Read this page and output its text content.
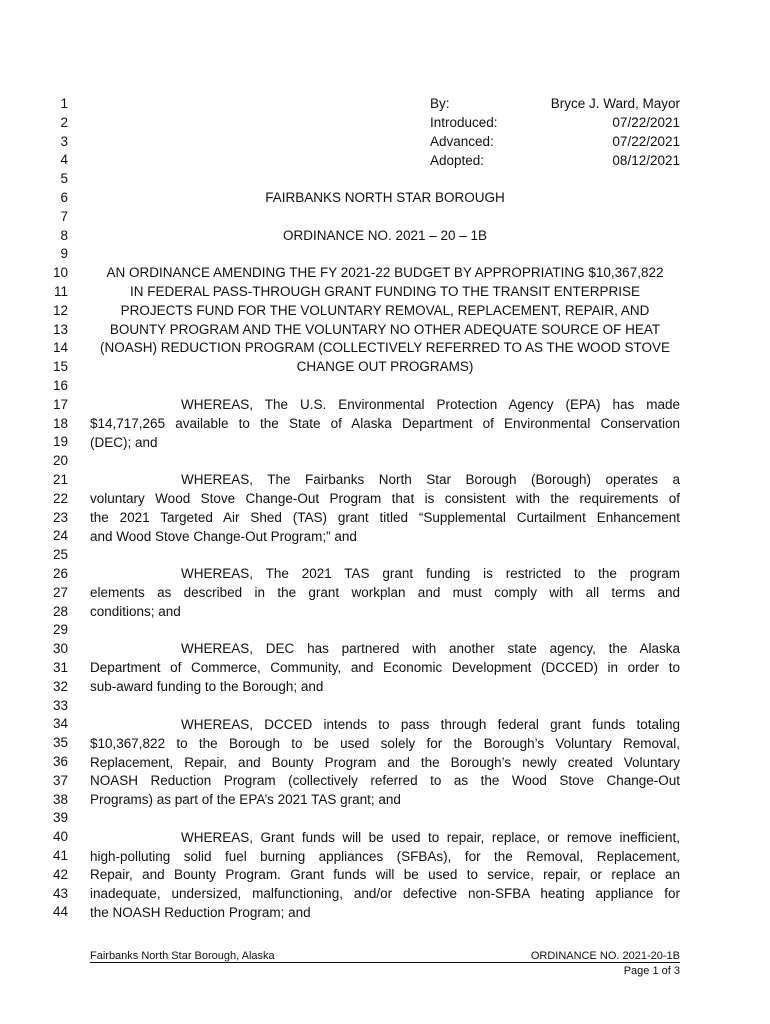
1
2
3
4
5
6
7
8
9
10
11
12
13
14
15
16
17
18
19
20
21
22
23
24
25
26
27
28
29
30
31
32
33
34
35
36
37
38
39
40
41
42
43
44
By:	Bryce J. Ward, Mayor
Introduced:	07/22/2021
Advanced:	07/22/2021
Adopted:	08/12/2021
FAIRBANKS NORTH STAR BOROUGH
ORDINANCE NO. 2021 – 20 – 1B
AN ORDINANCE AMENDING THE FY 2021-22 BUDGET BY APPROPRIATING $10,367,822
IN FEDERAL PASS-THROUGH GRANT FUNDING TO THE TRANSIT ENTERPRISE
PROJECTS FUND FOR THE VOLUNTARY REMOVAL, REPLACEMENT, REPAIR, AND
BOUNTY PROGRAM AND THE VOLUNTARY NO OTHER ADEQUATE SOURCE OF HEAT
(NOASH) REDUCTION PROGRAM (COLLECTIVELY REFERRED TO AS THE WOOD STOVE
CHANGE OUT PROGRAMS)
WHEREAS, The U.S. Environmental Protection Agency (EPA) has made
$14,717,265 available to the State of Alaska Department of Environmental Conservation
(DEC); and
WHEREAS, The Fairbanks North Star Borough (Borough) operates a
voluntary Wood Stove Change-Out Program that is consistent with the requirements of
the 2021 Targeted Air Shed (TAS) grant titled “Supplemental Curtailment Enhancement
and Wood Stove Change-Out Program;” and
WHEREAS, The 2021 TAS grant funding is restricted to the program
elements as described in the grant workplan and must comply with all terms and
conditions; and
WHEREAS, DEC has partnered with another state agency, the Alaska
Department of Commerce, Community, and Economic Development (DCCED) in order to
sub-award funding to the Borough; and
WHEREAS, DCCED intends to pass through federal grant funds totaling
$10,367,822 to the Borough to be used solely for the Borough’s Voluntary Removal,
Replacement, Repair, and Bounty Program and the Borough’s newly created Voluntary
NOASH Reduction Program (collectively referred to as the Wood Stove Change-Out
Programs) as part of the EPA’s 2021 TAS grant; and
WHEREAS, Grant funds will be used to repair, replace, or remove inefficient,
high-polluting solid fuel burning appliances (SFBAs), for the Removal, Replacement,
Repair, and Bounty Program. Grant funds will be used to service, repair, or replace an
inadequate, undersized, malfunctioning, and/or defective non-SFBA heating appliance for
the NOASH Reduction Program; and
Fairbanks North Star Borough, Alaska	ORDINANCE NO. 2021-20-1B
Page 1 of 3
